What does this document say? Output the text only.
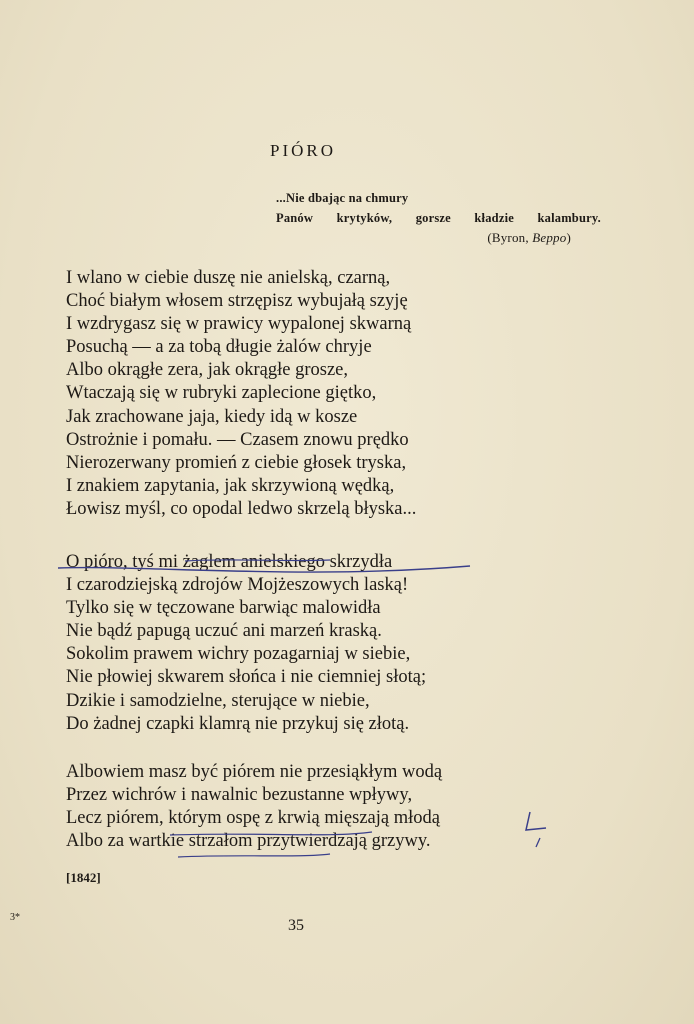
PIÓRO
...Nie dbając na chmury
Panów krytyków, gorsze kładzie kalambury.
(Byron, Beppo)
I wlano w ciebie duszę nie anielską, czarną,
Choć białym włosem strzępisz wybujałą szyję
I wzdrygasz się w prawicy wypalonej skwarną
Posuchą — a za tobą długie żalów chryje
Albo okrągłe zera, jak okrągłe grosze,
Wtaczają się w rubryki zaplecione giętko,
Jak zrachowane jaja, kiedy idą w kosze
Ostrożnie i pomału. — Czasem znowu prędko
Nierozerwany promień z ciebie głosek tryska,
I znakiem zapytania, jak skrzywioną wędką,
Łowisz myśl, co opodal ledwo skrzelą błyska...
O pióro, tyś mi żaglem anielskiego skrzydła
I czarodziejską zdrojów Mojżeszowych laską!
Tylko się w tęczowane barwiąc malowidła
Nie bądź papugą uczuć ani marzeń kraską.
Sokolim prawem wichry pozagarniaj w siebie,
Nie płowiej skwarem słońca i nie ciemniej słotą;
Dzikie i samodzielne, sterujące w niebie,
Do żadnej czapki klamrą nie przykuj się złotą.
Albowiem masz być piórem nie przesiąkłym wodą
Przez wichrów i nawalnic bezustanne wpływy,
Lecz piórem, którym ospę z krwią mięszają młodą
Albo za wartkie strzałom przytwierdzają grzywy.
[1842]
35
3*
